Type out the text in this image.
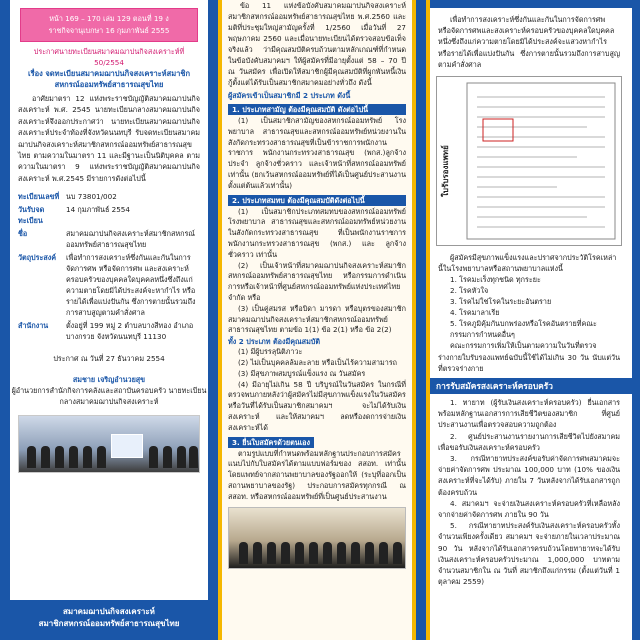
หน้า 169 – 170 เล่ม 129 ตอนที่ 19 ง
ราชกิจจานุเบกษา 16 กุมภาพันธ์ 2555
ประกาศนายทะเบียนสมาคมฌาปนกิจสงเคราะห์ที่ 50/2554
เรื่อง จดทะเบียนสมาคมฌาปนกิจสงเคราะห์สมาชิกสหกรณ์ออมทรัพย์สาธารณสุขไทย
อาศัยมาตรา 12 แห่งพระราชบัญญัติสมาคมฌาปนกิจสงเคราะห์ พ.ศ. 2545 นายทะเบียนกลางสมาคมฌาปนกิจสงเคราะห์จึงออกประกาศว่า นายทะเบียนสมาคมฌาปนกิจสงเคราะห์ประจำท้องที่จังหวัดนนทบุรี รับจดทะเบียนสมาคมฌาปนกิจสงเคราะห์สมาชิกสหกรณ์ออมทรัพย์สาธารณสุขไทย ตามความในมาตรา 11 และมีฐานะเป็นนิติบุคคล ตามความในมาตรา 9 แห่งพระราชบัญญัติสมาคมฌาปนกิจสงเคราะห์ พ.ศ.2545 มีรายการดังต่อไปนี้
ทะเบียนเลขที่	นบ 73801/002
วันรับจดทะเบียน	14 กุมภาพันธ์ 2554
ชื่อ	สมาคมฌาปนกิจสงเคราะห์สมาชิกสหกรณ์ออมทรัพย์สาธารณสุขไทย
วัตถุประสงค์	เพื่อทำการสงเคราะห์ซึ่งกันและกันในการจัดการศพ หรือจัดการศพ และสงเคราะห์ครอบครัวของบุคคลใดบุคคลหนึ่งซึ่งถึงแก่ความตายโดยมิได้ประสงค์จะหากำไร หรือรายได้เพื่อแบ่งปันกัน ซึ่งการตายนั้นรวมถึงการสาบสูญตามคำสั่งศาล
สำนักงาน	ตั้งอยู่ที่ 199 หมู่ 2 ตำบลบางสีทอง อำเภอบางกรวย จังหวัดนนทบุรี 11130
ประกาศ ณ วันที่ 27 ธันวาคม 2554
สมชาย เจริญอำนวยสุข
ผู้อำนวยการสำนักกิจการคลังและสถาบันครอบครัว นายทะเบียนกลางสมาคมฌาปนกิจสงเคราะห์
สมาคมฌาปนกิจสงเคราะห์
สมาชิกสหกรณ์ออมทรัพย์สาธารณสุขไทย
ข้อ 11 แห่งข้อบังคับสมาคมฌาปนกิจสงเคราะห์สมาชิกสหกรณ์ออมทรัพย์สาธารณสุขไทย พ.ศ.2560 และมติที่ประชุมใหญ่สามัญครั้งที่ 1/2560 เมื่อวันที่ 27 พฤษภาคม 2560 และเมื่อนายทะเบียนได้ตรวจสอบข้อเท็จจริงแล้ว ว่ามีคุณสมบัติครบถ้วนตามหลักเกณฑ์ที่กำหนดในข้อบังคับสมาคมฯ ให้ผู้สมัครที่มีอายุตั้งแต่ 58 – 70 ปี ณ วันสมัคร เพื่อเปิดให้สมาชิกผู้มีคุณสมบัติที่ผูกพันหนี้เงินกู้ตั้งแต่ได้รับเป็นสมาชิกสมาคมอย่างทั่วถึง ดังนี้
ผู้สมัครเข้าเป็นสมาชิกมี 2 ประเภท ดังนี้
1. ประเภทสามัญ ต้องมีคุณสมบัติ ดังต่อไปนี้
(1) เป็นสมาชิกสามัญของสหกรณ์ออมทรัพย์ โรงพยาบาล สาธารณสุขและสหกรณ์ออมทรัพย์หน่วยงานในสังกัดกระทรวงสาธารณสุขที่เป็นข้าราชการพนักงานราชการ พนักงานกระทรวงสาธารณสุข (พกส.)ลูกจ้างประจำ ลูกจ้างชั่วคราว และเจ้าหน้าที่สหกรณ์ออมทรัพย์ เท่านั้น (ยกเว้นสหกรณ์ออมทรัพย์ที่ได้เป็นศูนย์ประสานงานตั้งแต่ต้นแล้วเท่านั้น)
2. ประเภทสมทบ ต้องมีคุณสมบัติดังต่อไปนี้
(1) เป็นสมาชิกประเภทสมทบของสหกรณ์ออมทรัพย์โรงพยาบาล สาธารณสุขและสหกรณ์ออมทรัพย์หน่วยงานในสังกัดกระทรวงสาธารณสุข ที่เป็นพนักงานราชการ พนักงานกระทรวงสาธารณสุข (พกส.) และ ลูกจ้างชั่วคราว เท่านั้น
(2) เป็นเจ้าหน้าที่สมาคมฌาปนกิจสงเคราะห์สมาชิกสหกรณ์ออมทรัพย์สาธารณสุขไทย หรือกรรมการดำเนินการหรือเจ้าหน้าที่ศูนย์สหกรณ์ออมทรัพย์แห่งประเทศไทย จำกัด หรือ
(3) เป็นคู่สมรส หรือบิดา มารดา หรือบุตรของสมาชิกสมาคมฌาปนกิจสงเคราะห์สมาชิกสหกรณ์ออมทรัพย์สาธารณสุขไทย ตามข้อ 1(1) ข้อ 2(1) หรือ ข้อ 2(2)
ทั้ง 2 ประเภท ต้องมีคุณสมบัติ
(1) มีผู้บรรลุนิติภาวะ
(2) ไม่เป็นบุคคลล้มละลาย หรือเป็นไร้ความสามารถ
(3) มีสุขภาพสมบูรณ์แข็งแรง ณ วันสมัคร
(4) มีอายุไม่เกิน 58 ปี บริบูรณ์ในวันสมัคร ในกรณีที่ตรวจพบภายหลังว่าผู้สมัครไม่มีสุขภาพแข็งแรงในวันสมัคร หรือวันที่ได้รับเป็นสมาชิกสมาคมฯ จะไม่ได้รับเงินสงเคราะห์ และให้สมาคมฯ ลดหรืองดการจ่ายเงินสงเคราะห์ได้
3. ยื่นใบสมัครด้วยตนเอง
ตามรูปแบบที่กำหนดพร้อมหลักฐานประกอบการสมัครแนบไปกับใบสมัครได้ตามแบบฟอร์มของ สสอท. เท่านั้น โดยแพทย์จากสถานพยาบาลของรัฐออกให้ (ระบุที่ออกเป็นสถานพยาบาลของรัฐ) ประกอบการสมัครทุกกรณี ณ สสอท. หรือสหกรณ์ออมทรัพย์ที่เป็นศูนย์ประสานงาน
เพื่อทำการสงเคราะห์ซึ่งกันและกันในการจัดการศพ หรือจัดการศพและสงเคราะห์ครอบครัวของบุคคลใดบุคคลหนึ่งซึ่งถึงแก่ความตายโดยมิได้ประสงค์จะแสวงหากำไร หรือรายได้เพื่อแบ่งปันกัน ซึ่งการตายนั้นรวมถึงการสาบสูญตามคำสั่งศาล
ใบรับรองแพทย์
ผู้สมัครมีสุขภาพแข็งแรงและปราศจากประวัติโรคเหล่านี้ในโรงพยาบาลหรือสถานพยาบาลแห่งนี้
1. โรคมะเร็งทุกชนิด ทุกระยะ
2. โรคหัวใจ
3. โรคไม่ใช่โรคในระยะอันตราย
4. โรคมาลาเรีย
5. โรคภูมิคุ้มกันบกพร่องหรือโรคอันตรายที่คณะกรรมการกำหนดอื่นๆ
คณะกรรมการเพิ่มให้เป็นตามความในวันที่ตรวจร่างกายใบรับรองแพทย์ฉบับนี้ใช้ได้ไม่เกิน 30 วัน นับแต่วันที่ตรวจร่างกาย
การรับสมัครสงเคราะห์ครอบครัว
1. ทายาท (ผู้รับเงินสงเคราะห์ครอบครัว) ยื่นเอกสารพร้อมหลักฐานเอกสารการเสียชีวิตของสมาชิก ที่ศูนย์ประสานงานเพื่อตรวจสอบความถูกต้อง
2. ศูนย์ประสานงานรายงานการเสียชีวิตไปยังสมาคมเพื่อขอรับเงินสงเคราะห์ครอบครัว
3. กรณีทายาทประสงค์ขอรับค่าจัดการศพสมาคมจะจ่ายค่าจัดการศพ ประมาณ 100,000 บาท (10% ของเงินสงเคราะห์ที่จะได้รับ) ภายใน 7 วันหลังจากได้รับเอกสารถูกต้องครบถ้วน
4. สมาคมฯ จะจ่ายเงินสงเคราะห์ครอบครัวที่เหลือหลังจากจ่ายค่าจัดการศพ ภายใน 90 วัน
5. กรณีทายาทประสงค์รับเงินสงเคราะห์ครอบครัวทั้งจำนวนเพียงครั้งเดียว สมาคมฯ จะจ่ายภายในเวลาประมาณ 90 วัน หลังจากได้รับเอกสารครบถ้วนโดยทายาทจะได้รับเงินสงเคราะห์ครอบครัวประมาณ 1,000,000 บาทตามจำนวนสมาชิกใน ณ วันที่ สมาชิกถึงแก่กรรม (ตั้งแต่วันที่ 1 ตุลาคม 2559)
